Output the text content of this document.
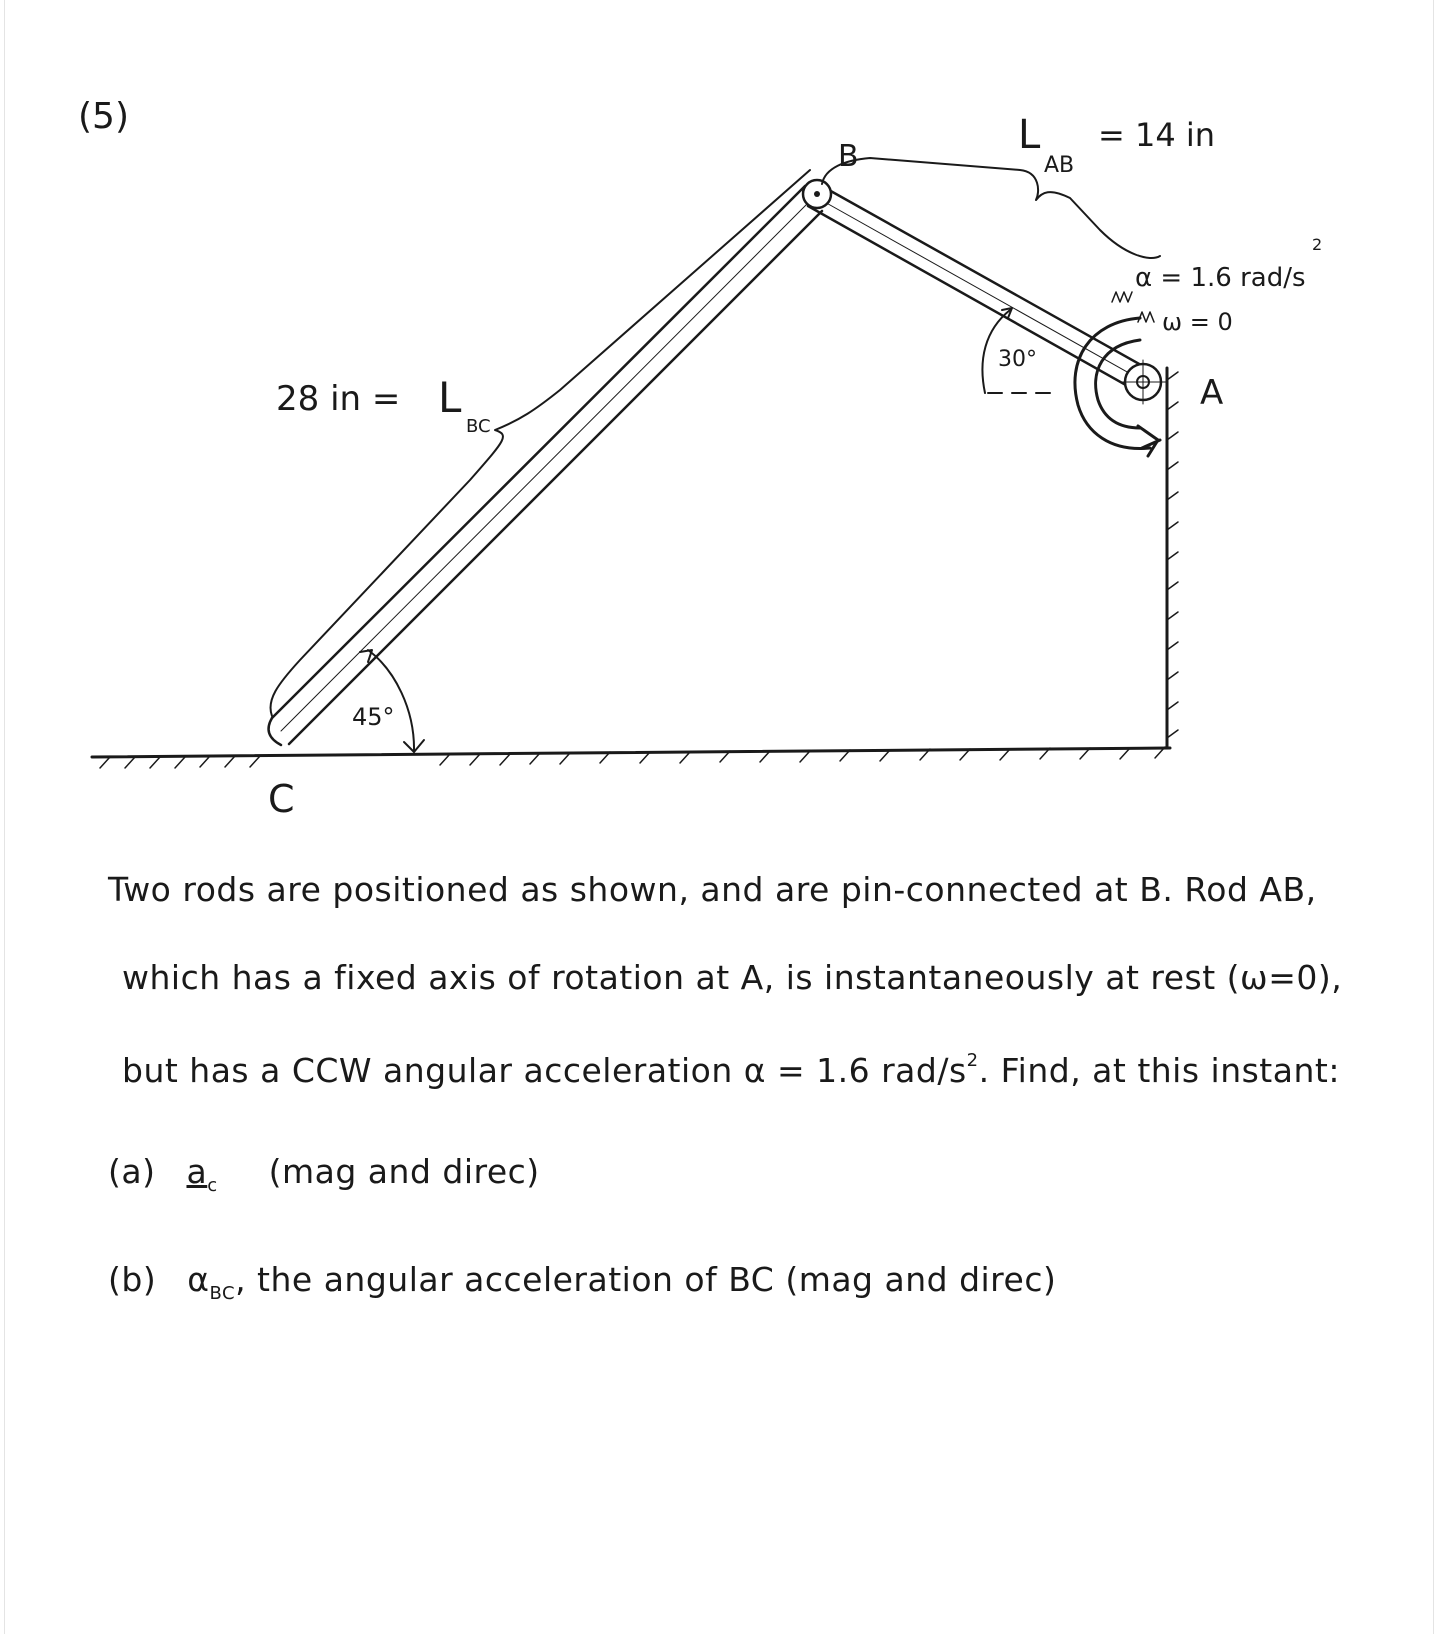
(5)
30°
45°
B
A
C
L
AB
= 14 in
28 in = L
BC
α = 1.6 rad/s
2
ω = 0
Two rods are positioned as shown, and are pin-connected at B. Rod AB,
which has a fixed axis of rotation at A, is instantaneously at rest (ω=0),
but has a CCW angular acceleration α = 1.6 rad/$s^2$. Find, at this instant:
(a) $a_c$ (mag and direc)
(b) $\alpha_{BC}$, the angular acceleration of BC (mag and direc)
